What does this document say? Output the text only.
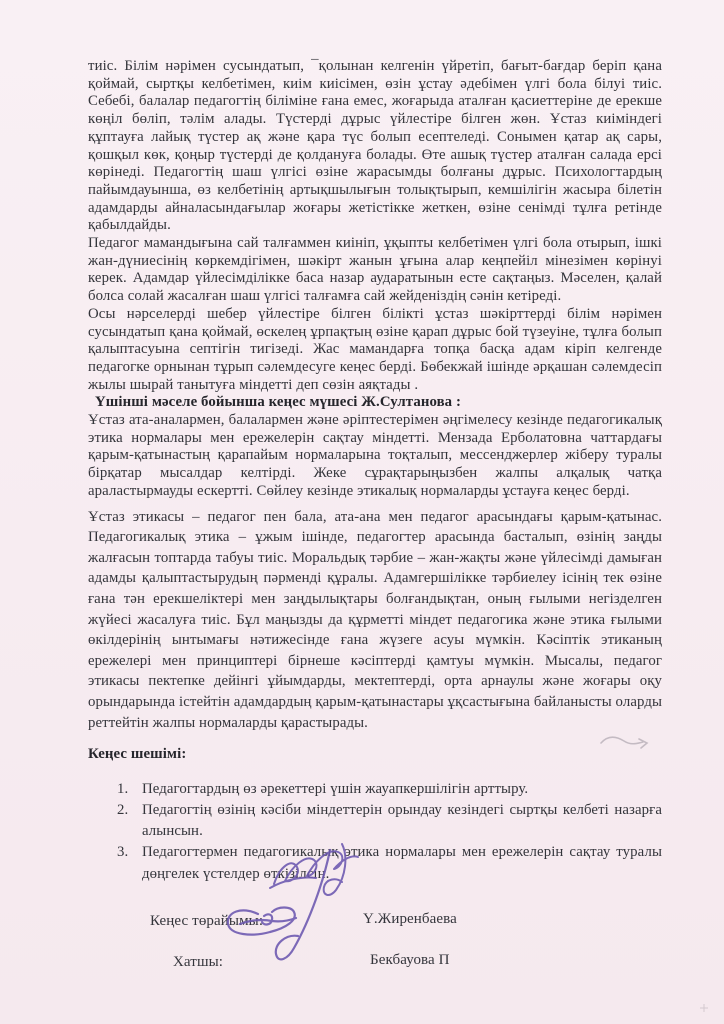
тиіс. Білім нәрімен сусындатып, ¯қолынан келгенін үйретіп, бағыт-бағдар беріп қана қоймай, сыртқы келбетімен, киім киісімен, өзін ұстау әдебімен үлгі бола білуі тиіс. Себебі, балалар педагогтің біліміне ғана емес, жоғарыда аталған қасиеттеріне де ерекше көңіл бөліп, тәлім алады. Түстерді дұрыс үйлестіре білген жөн. Ұстаз киіміндегі құптауға лайық түстер ақ және қара түс болып есептеледі. Сонымен қатар ақ сары, қошқыл көк, қоңыр түстерді де қолдануға болады. Өте ашық түстер аталған салада ерсі көрінеді. Педагогтің шаш үлгісі өзіне жарасымды болғаны дұрыс. Психологтардың пайымдауынша, өз келбетінің артықшылығын толықтырып, кемшілігін жасыра білетін адамдарды айналасындағылар жоғары жетістікке жеткен, өзіне сенімді тұлға ретінде қабылдайды.

Педагог мамандығына сай талғаммен киініп, ұқыпты келбетімен үлгі бола отырып, ішкі жан-дүниесінің көркемдігімен, шәкірт жанын ұғына алар кеңпейіл мінезімен көрінуі керек. Адамдар үйлесімділікке баса назар аударатынын есте сақтаңыз. Мәселен, қалай болса солай жасалған шаш үлгісі талғамға сай жейденіздің сәнін кетіреді.

Осы нәрселерді шебер үйлестіре білген білікті ұстаз шәкірттерді білім нәрімен сусындатып қана қоймай, өскелең ұрпақтың өзіне қарап дұрыс бой түзеуіне, тұлға болып қалыптасуына септігін тигізеді. Жас мамандарға топқа басқа адам кіріп келгенде педагогке орнынан тұрып сәлемдесуге кеңес берді. Бөбекжай ішінде әрқашан сәлемдесіп жылы шырай танытуға міндетті деп сөзін аяқтады .

Үшінші мәселе бойынша кеңес мүшесі Ж.Султанова :

Ұстаз ата-аналармен, балалармен және әріптестерімен әңгімелесу кезінде педагогикалық этика нормалары мен ережелерін сақтау міндетті. Мензада Ерболатовна чаттардағы қарым-қатынастың қарапайым нормаларына тоқталып, мессенджерлер жіберу туралы бірқатар мысалдар келтірді. Жеке сұрақтарыңызбен жалпы алқалық чатқа араластырмауды ескертті. Сөйлеу кезінде этикалық нормаларды ұстауға кеңес берді.

Ұстаз этикасы – педагог пен бала, ата-ана мен педагог арасындағы қарым-қатынас. Педагогикалық этика – ұжым ішінде, педагогтер арасында басталып, өзінің заңды жалғасын топтарда табуы тиіс. Моральдық тәрбие – жан-жақты және үйлесімді дамыған адамды қалыптастырудың пәрменді құралы. Адамгершілікке тәрбиелеу ісінің тек өзіне ғана тән ерекшеліктері мен заңдылықтары болғандықтан, оның ғылыми негізделген жүйесі жасалуға тиіс. Бұл маңызды да құрметті міндет педагогика және этика ғылыми өкілдерінің ынтымағы нәтижесінде ғана жүзеге асуы мүмкін. Кәсіптік этиканың ережелері мен принциптері бірнеше кәсіптерді қамтуы мүмкін. Мысалы, педагог этикасы пектепке дейінгі ұйымдарды, мектептерді, орта арнаулы және жоғары оқу орындарында істейтін адамдардың қарым-қатынастары ұқсастығына байланысты оларды реттейтін жалпы нормаларды қарастырады.

Кеңес шешімі:

1. Педагогтардың өз әрекеттері үшін жауапкершілігін арттыру.
2. Педагогтің өзінің кәсіби міндеттерін орындау кезіндегі сыртқы келбеті назарға алынсын.
3. Педагогтермен педагогикалық этика нормалары мен ережелерін сақтау туралы дөңгелек үстелдер өткізілсін.
Кеңес төрайымы:	Ү.Жиренбаева
Хатшы:	Бекбауова П
